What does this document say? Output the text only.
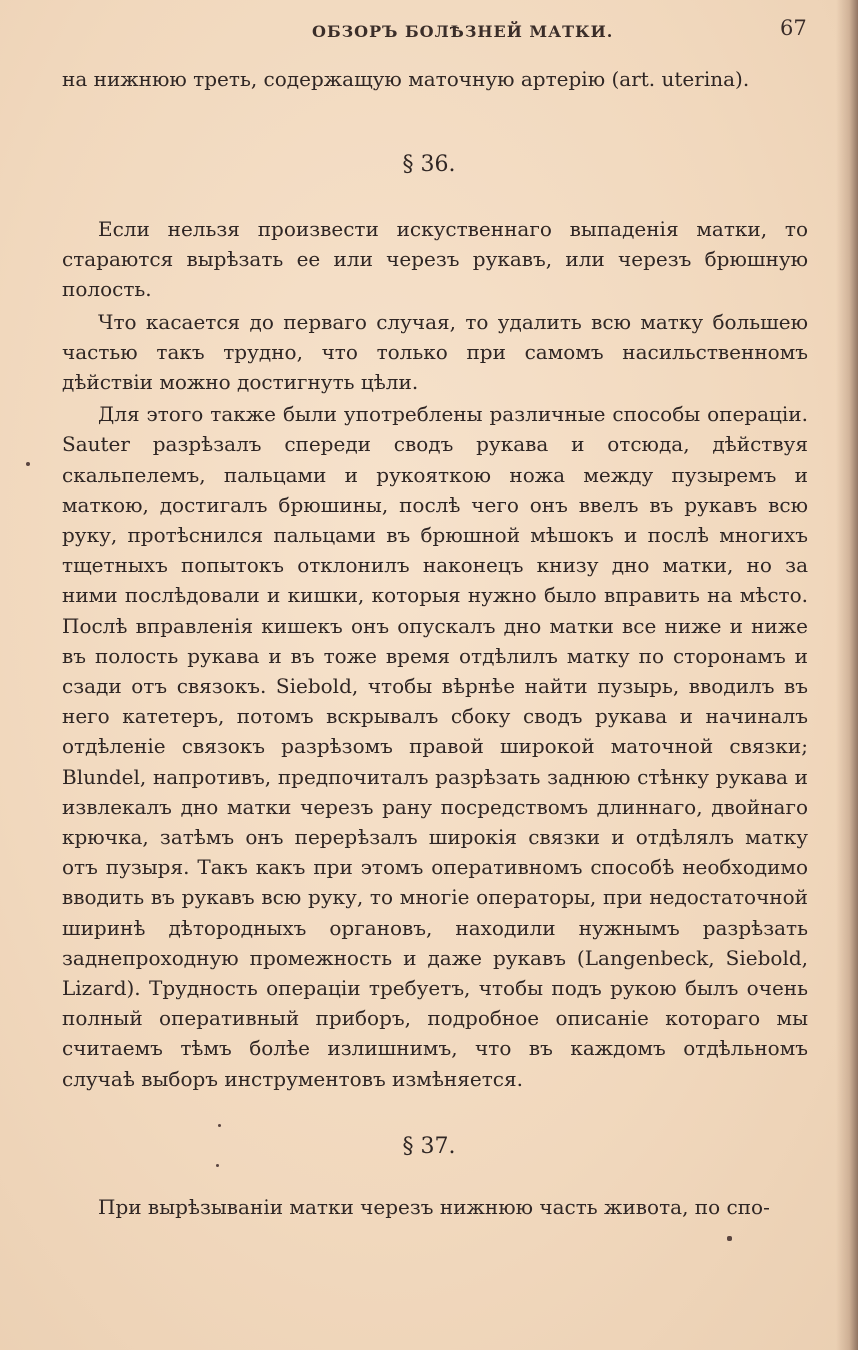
ОБЗОРЪ БОЛѢЗНЕЙ МАТКИ.	67

на нижнюю треть, содержащую маточную артерію (art. uterina).

§ 36.

Если нельзя произвести искуственнаго выпаденія матки, то стараются вырѣзать ее или черезъ рукавъ, или черезъ брюшную полость.

Что касается до перваго случая, то удалить всю матку большею частью такъ трудно, что только при самомъ насильственномъ дѣйствіи можно достигнуть цѣли.

Для этого также были употреблены различные способы операціи. Sauter разрѣзалъ спереди сводъ рукава и отсюда, дѣйствуя скальпелемъ, пальцами и рукояткою ножа между пузыремъ и маткою, достигалъ брюшины, послѣ чего онъ ввелъ въ рукавъ всю руку, протѣснился пальцами въ брюшной мѣшокъ и послѣ многихъ тщетныхъ попытокъ отклонилъ наконецъ книзу дно матки, но за ними послѣдовали и кишки, которыя нужно было вправить на мѣсто. Послѣ вправленія кишекъ онъ опускалъ дно матки все ниже и ниже въ полость рукава и въ тоже время отдѣлилъ матку по сторонамъ и сзади отъ связокъ. Siebold, чтобы вѣрнѣе найти пузырь, вводилъ въ него катетеръ, потомъ вскрывалъ сбоку сводъ рукава и начиналъ отдѣленіе связокъ разрѣзомъ правой широкой маточной связки; Blundel, напротивъ, предпочиталъ разрѣзать заднюю стѣнку рукава и извлекалъ дно матки черезъ рану посредствомъ длиннаго, двойнаго крючка, затѣмъ онъ перерѣзалъ широкія связки и отдѣлялъ матку отъ пузыря. Такъ какъ при этомъ оперативномъ способѣ необходимо вводить въ рукавъ всю руку, то многіе операторы, при недостаточной ширинѣ дѣтородныхъ органовъ, находили нужнымъ разрѣзать заднепроходную промежность и даже рукавъ (Langenbeck, Siebold, Lizard). Трудность операціи требуетъ, чтобы подъ рукою былъ очень полный оперативный приборъ, подробное описаніе котораго мы считаемъ тѣмъ болѣе излишнимъ, что въ каждомъ отдѣльномъ случаѣ выборъ инструментовъ измѣняется.

§ 37.

При вырѣзываніи матки черезъ нижнюю часть живота, по спо-
